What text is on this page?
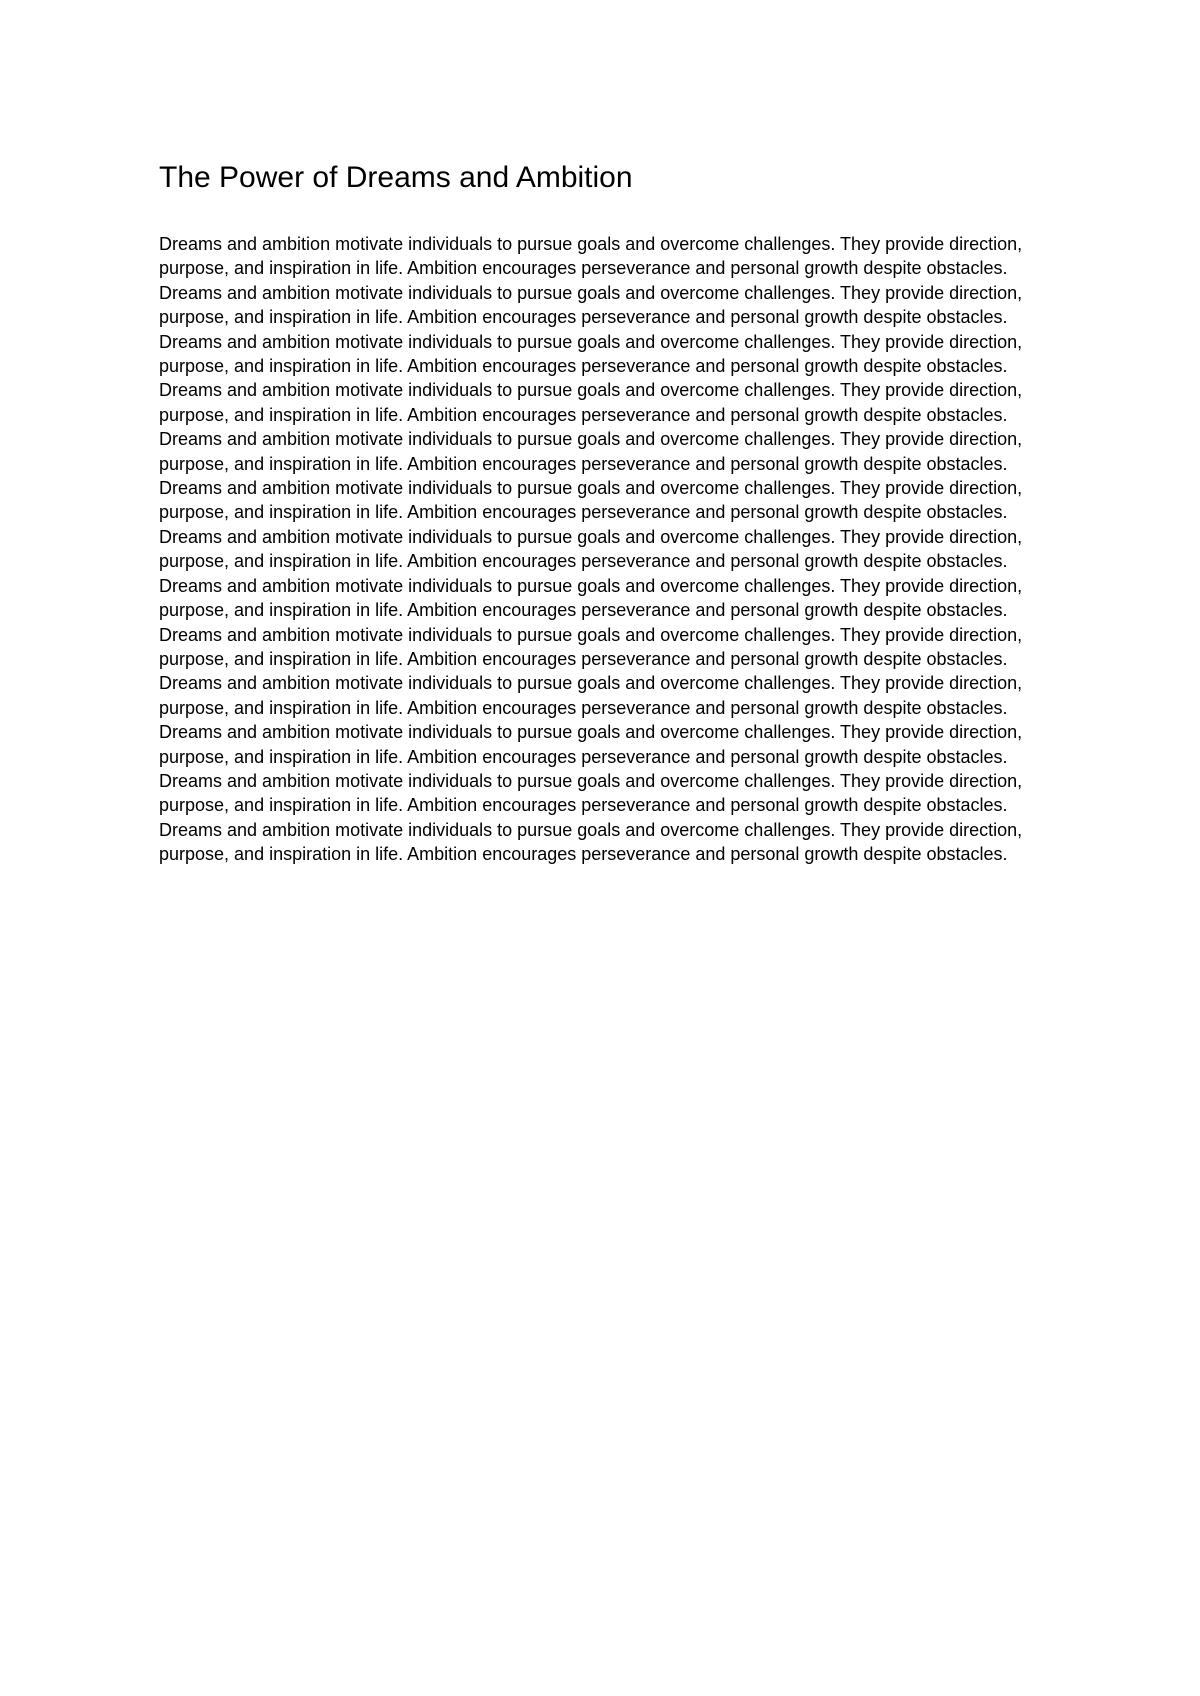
The Power of Dreams and Ambition

Dreams and ambition motivate individuals to pursue goals and overcome challenges. They provide direction, purpose, and inspiration in life. Ambition encourages perseverance and personal growth despite obstacles. Dreams and ambition motivate individuals to pursue goals and overcome challenges. They provide direction, purpose, and inspiration in life. Ambition encourages perseverance and personal growth despite obstacles. Dreams and ambition motivate individuals to pursue goals and overcome challenges. They provide direction, purpose, and inspiration in life. Ambition encourages perseverance and personal growth despite obstacles. Dreams and ambition motivate individuals to pursue goals and overcome challenges. They provide direction, purpose, and inspiration in life. Ambition encourages perseverance and personal growth despite obstacles. Dreams and ambition motivate individuals to pursue goals and overcome challenges. They provide direction, purpose, and inspiration in life. Ambition encourages perseverance and personal growth despite obstacles. Dreams and ambition motivate individuals to pursue goals and overcome challenges. They provide direction, purpose, and inspiration in life. Ambition encourages perseverance and personal growth despite obstacles. Dreams and ambition motivate individuals to pursue goals and overcome challenges. They provide direction, purpose, and inspiration in life. Ambition encourages perseverance and personal growth despite obstacles. Dreams and ambition motivate individuals to pursue goals and overcome challenges. They provide direction, purpose, and inspiration in life. Ambition encourages perseverance and personal growth despite obstacles. Dreams and ambition motivate individuals to pursue goals and overcome challenges. They provide direction, purpose, and inspiration in life. Ambition encourages perseverance and personal growth despite obstacles. Dreams and ambition motivate individuals to pursue goals and overcome challenges. They provide direction, purpose, and inspiration in life. Ambition encourages perseverance and personal growth despite obstacles. Dreams and ambition motivate individuals to pursue goals and overcome challenges. They provide direction, purpose, and inspiration in life. Ambition encourages perseverance and personal growth despite obstacles. Dreams and ambition motivate individuals to pursue goals and overcome challenges. They provide direction, purpose, and inspiration in life. Ambition encourages perseverance and personal growth despite obstacles. Dreams and ambition motivate individuals to pursue goals and overcome challenges. They provide direction, purpose, and inspiration in life. Ambition encourages perseverance and personal growth despite obstacles.
